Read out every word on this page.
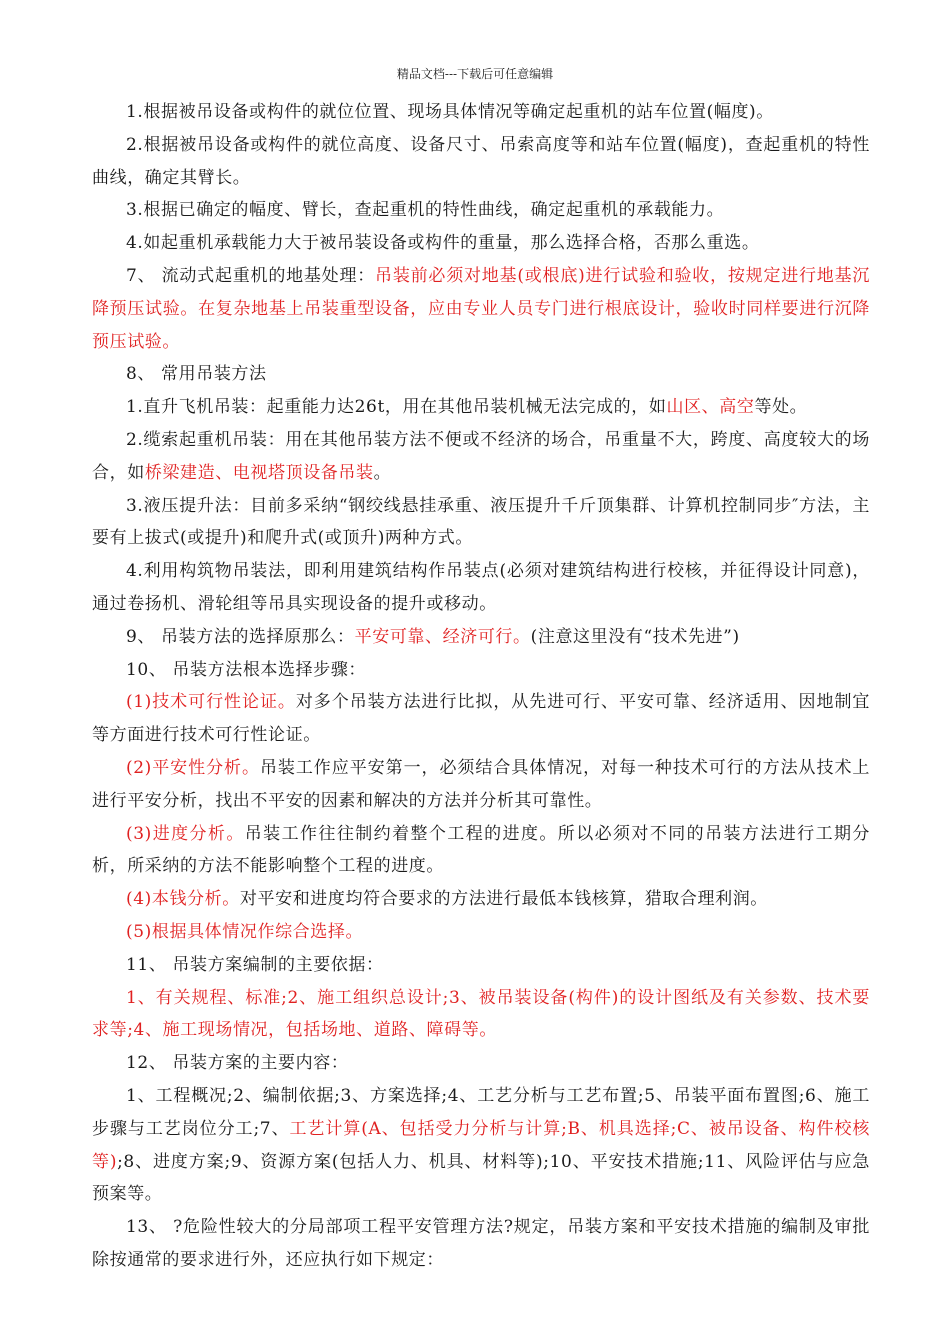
精品文档---下载后可任意编辑

1.根据被吊设备或构件的就位位置、现场具体情况等确定起重机的站车位置(幅度)。

2.根据被吊设备或构件的就位高度、设备尺寸、吊索高度等和站车位置(幅度)，查起重机的特性曲线，确定其臂长。

3.根据已确定的幅度、臂长，查起重机的特性曲线，确定起重机的承载能力。

4.如起重机承载能力大于被吊装设备或构件的重量，那么选择合格，否那么重选。

7、 流动式起重机的地基处理：吊装前必须对地基(或根底)进行试验和验收，按规定进行地基沉降预压试验。在复杂地基上吊装重型设备，应由专业人员专门进行根底设计，验收时同样要进行沉降预压试验。

8、 常用吊装方法

1.直升飞机吊装：起重能力达26t，用在其他吊装机械无法完成的，如山区、高空等处。

2.缆索起重机吊装：用在其他吊装方法不便或不经济的场合，吊重量不大，跨度、高度较大的场合，如桥梁建造、电视塔顶设备吊装。

3.液压提升法：目前多采纳“钢绞线悬挂承重、液压提升千斤顶集群、计算机控制同步″方法，主要有上拔式(或提升)和爬升式(或顶升)两种方式。

4.利用构筑物吊装法，即利用建筑结构作吊装点(必须对建筑结构进行校核，并征得设计同意)，通过卷扬机、滑轮组等吊具实现设备的提升或移动。

9、 吊装方法的选择原那么：平安可靠、经济可行。(注意这里没有“技术先进”)

10、 吊装方法根本选择步骤：

(1)技术可行性论证。对多个吊装方法进行比拟，从先进可行、平安可靠、经济适用、因地制宜等方面进行技术可行性论证。

(2)平安性分析。吊装工作应平安第一，必须结合具体情况，对每一种技术可行的方法从技术上进行平安分析，找出不平安的因素和解决的方法并分析其可靠性。

(3)进度分析。吊装工作往往制约着整个工程的进度。所以必须对不同的吊装方法进行工期分析，所采纳的方法不能影响整个工程的进度。

(4)本钱分析。对平安和进度均符合要求的方法进行最低本钱核算，猎取合理利润。

(5)根据具体情况作综合选择。

11、 吊装方案编制的主要依据：

1、有关规程、标准;2、施工组织总设计;3、被吊装设备(构件)的设计图纸及有关参数、技术要求等;4、施工现场情况，包括场地、道路、障碍等。

12、 吊装方案的主要内容：

1、工程概况;2、编制依据;3、方案选择;4、工艺分析与工艺布置;5、吊装平面布置图;6、施工步骤与工艺岗位分工;7、工艺计算(A、包括受力分析与计算;B、机具选择;C、被吊设备、构件校核等);8、进度方案;9、资源方案(包括人力、机具、材料等);10、平安技术措施;11、风险评估与应急预案等。

13、 ?危险性较大的分局部项工程平安管理方法?规定，吊装方案和平安技术措施的编制及审批除按通常的要求进行外，还应执行如下规定：
